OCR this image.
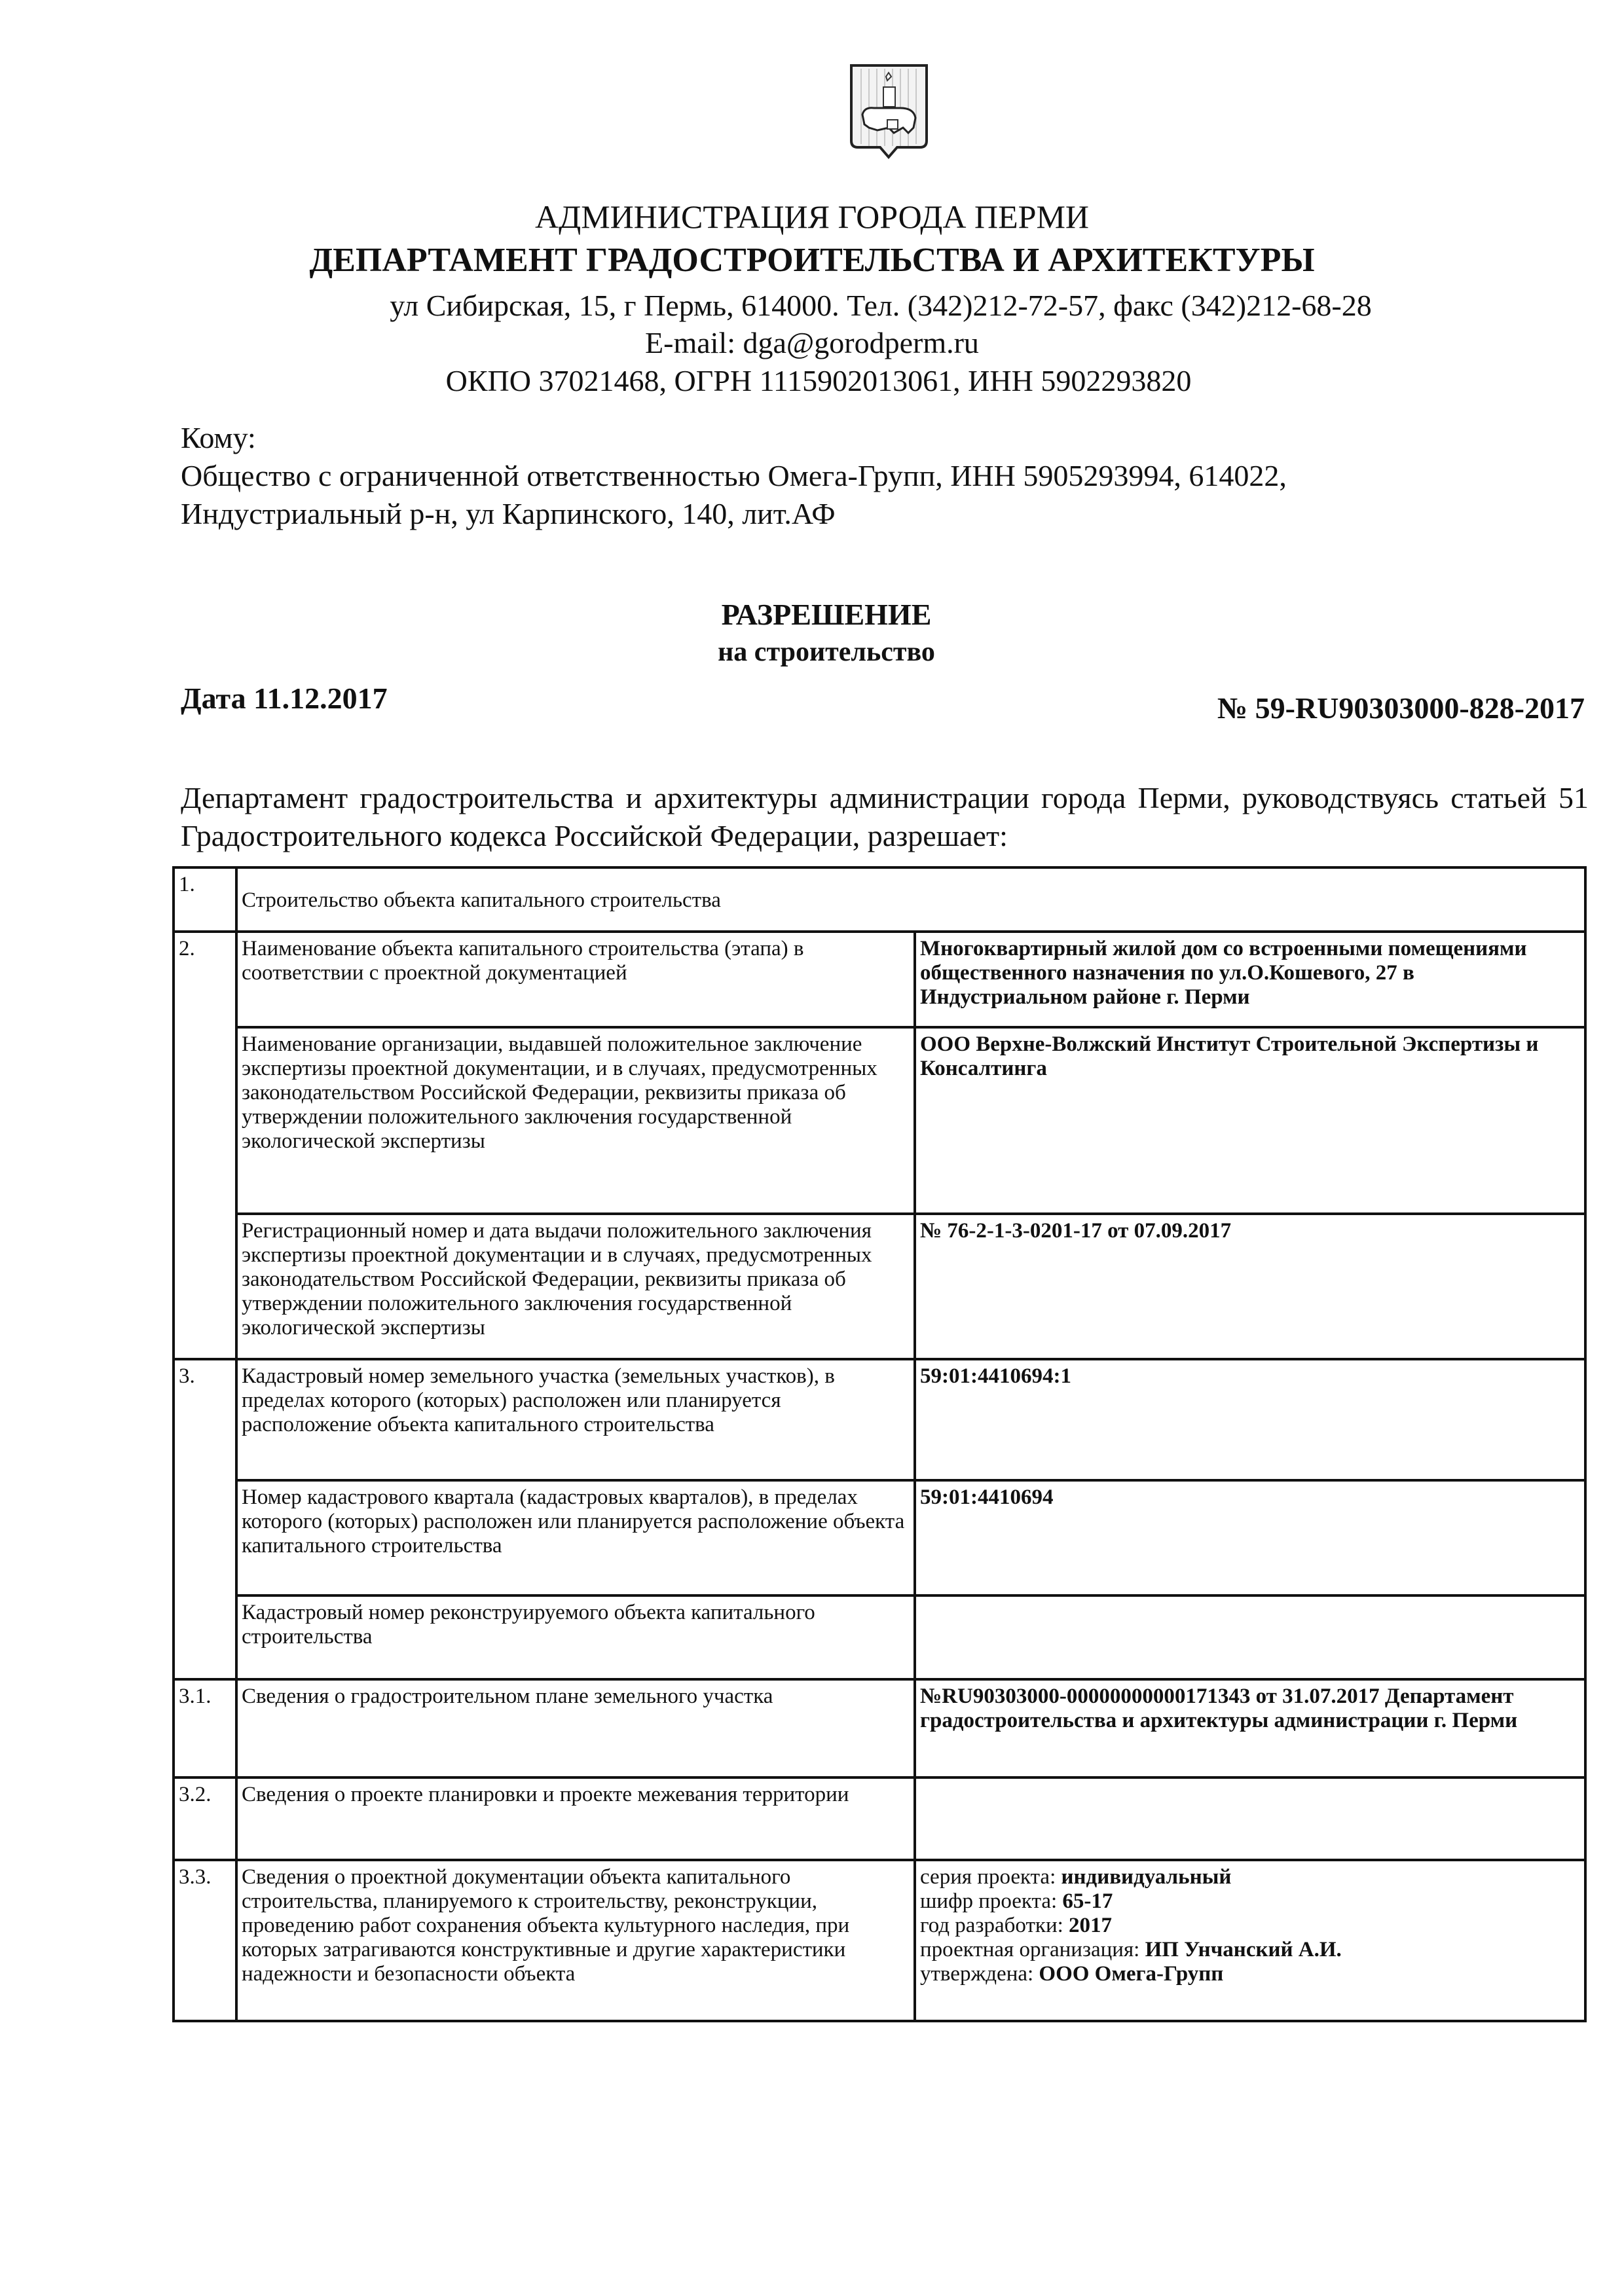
АДМИНИСТРАЦИЯ ГОРОДА ПЕРМИ
ДЕПАРТАМЕНТ ГРАДОСТРОИТЕЛЬСТВА И АРХИТЕКТУРЫ
ул Сибирская, 15, г Пермь, 614000. Тел. (342)212-72-57, факс (342)212-68-28
E-mail: dga@gorodperm.ru
ОКПО 37021468, ОГРН 1115902013061, ИНН 5902293820
Кому:
Общество с ограниченной ответственностью Омега-Групп, ИНН 5905293994, 614022,
Индустриальный р-н, ул Карпинского, 140, лит.АФ
РАЗРЕШЕНИЕ
на строительство
Дата 11.12.2017	№ 59-RU90303000-828-2017
Департамент градостроительства и архитектуры администрации города Перми, руководствуясь статьей 51 Градостроительного кодекса Российской Федерации, разрешает:
1.	Строительство объекта капитального строительства	
2.	Наименование объекта капитального строительства (этапа) в соответствии с проектной документацией	Многоквартирный жилой дом со встроенными помещениями общественного назначения по ул.О.Кошевого, 27 в Индустриальном районе г. Перми
	Наименование организации, выдавшей положительное заключение экспертизы проектной документации, и в случаях, предусмотренных законодательством Российской Федерации, реквизиты приказа об утверждении положительного заключения государственной экологической экспертизы	ООО Верхне-Волжский Институт Строительной Экспертизы и Консалтинга
	Регистрационный номер и дата выдачи положительного заключения экспертизы проектной документации и в случаях, предусмотренных законодательством Российской Федерации, реквизиты приказа об утверждении положительного заключения государственной экологической экспертизы	№ 76-2-1-3-0201-17 от 07.09.2017
3.	Кадастровый номер земельного участка (земельных участков), в пределах которого (которых) расположен или планируется расположение объекта капитального строительства	59:01:4410694:1
	Номер кадастрового квартала (кадастровых кварталов), в пределах которого (которых) расположен или планируется расположение объекта капитального строительства	59:01:4410694
	Кадастровый номер реконструируемого объекта капитального строительства	
3.1.	Сведения о градостроительном плане земельного участка	№RU90303000-00000000000171343 от 31.07.2017 Департамент градостроительства и архитектуры администрации г. Перми
3.2.	Сведения о проекте планировки и проекте межевания территории	
3.3.	Сведения о проектной документации объекта капитального строительства, планируемого к строительству, реконструкции, проведению работ сохранения объекта культурного наследия, при которых затрагиваются конструктивные и другие характеристики надежности и безопасности объекта	
серия проекта: индивидуальный
шифр проекта: 65-17
год разработки: 2017
проектная организация: ИП Унчанский А.И.
утверждена: ООО Омега-Групп
